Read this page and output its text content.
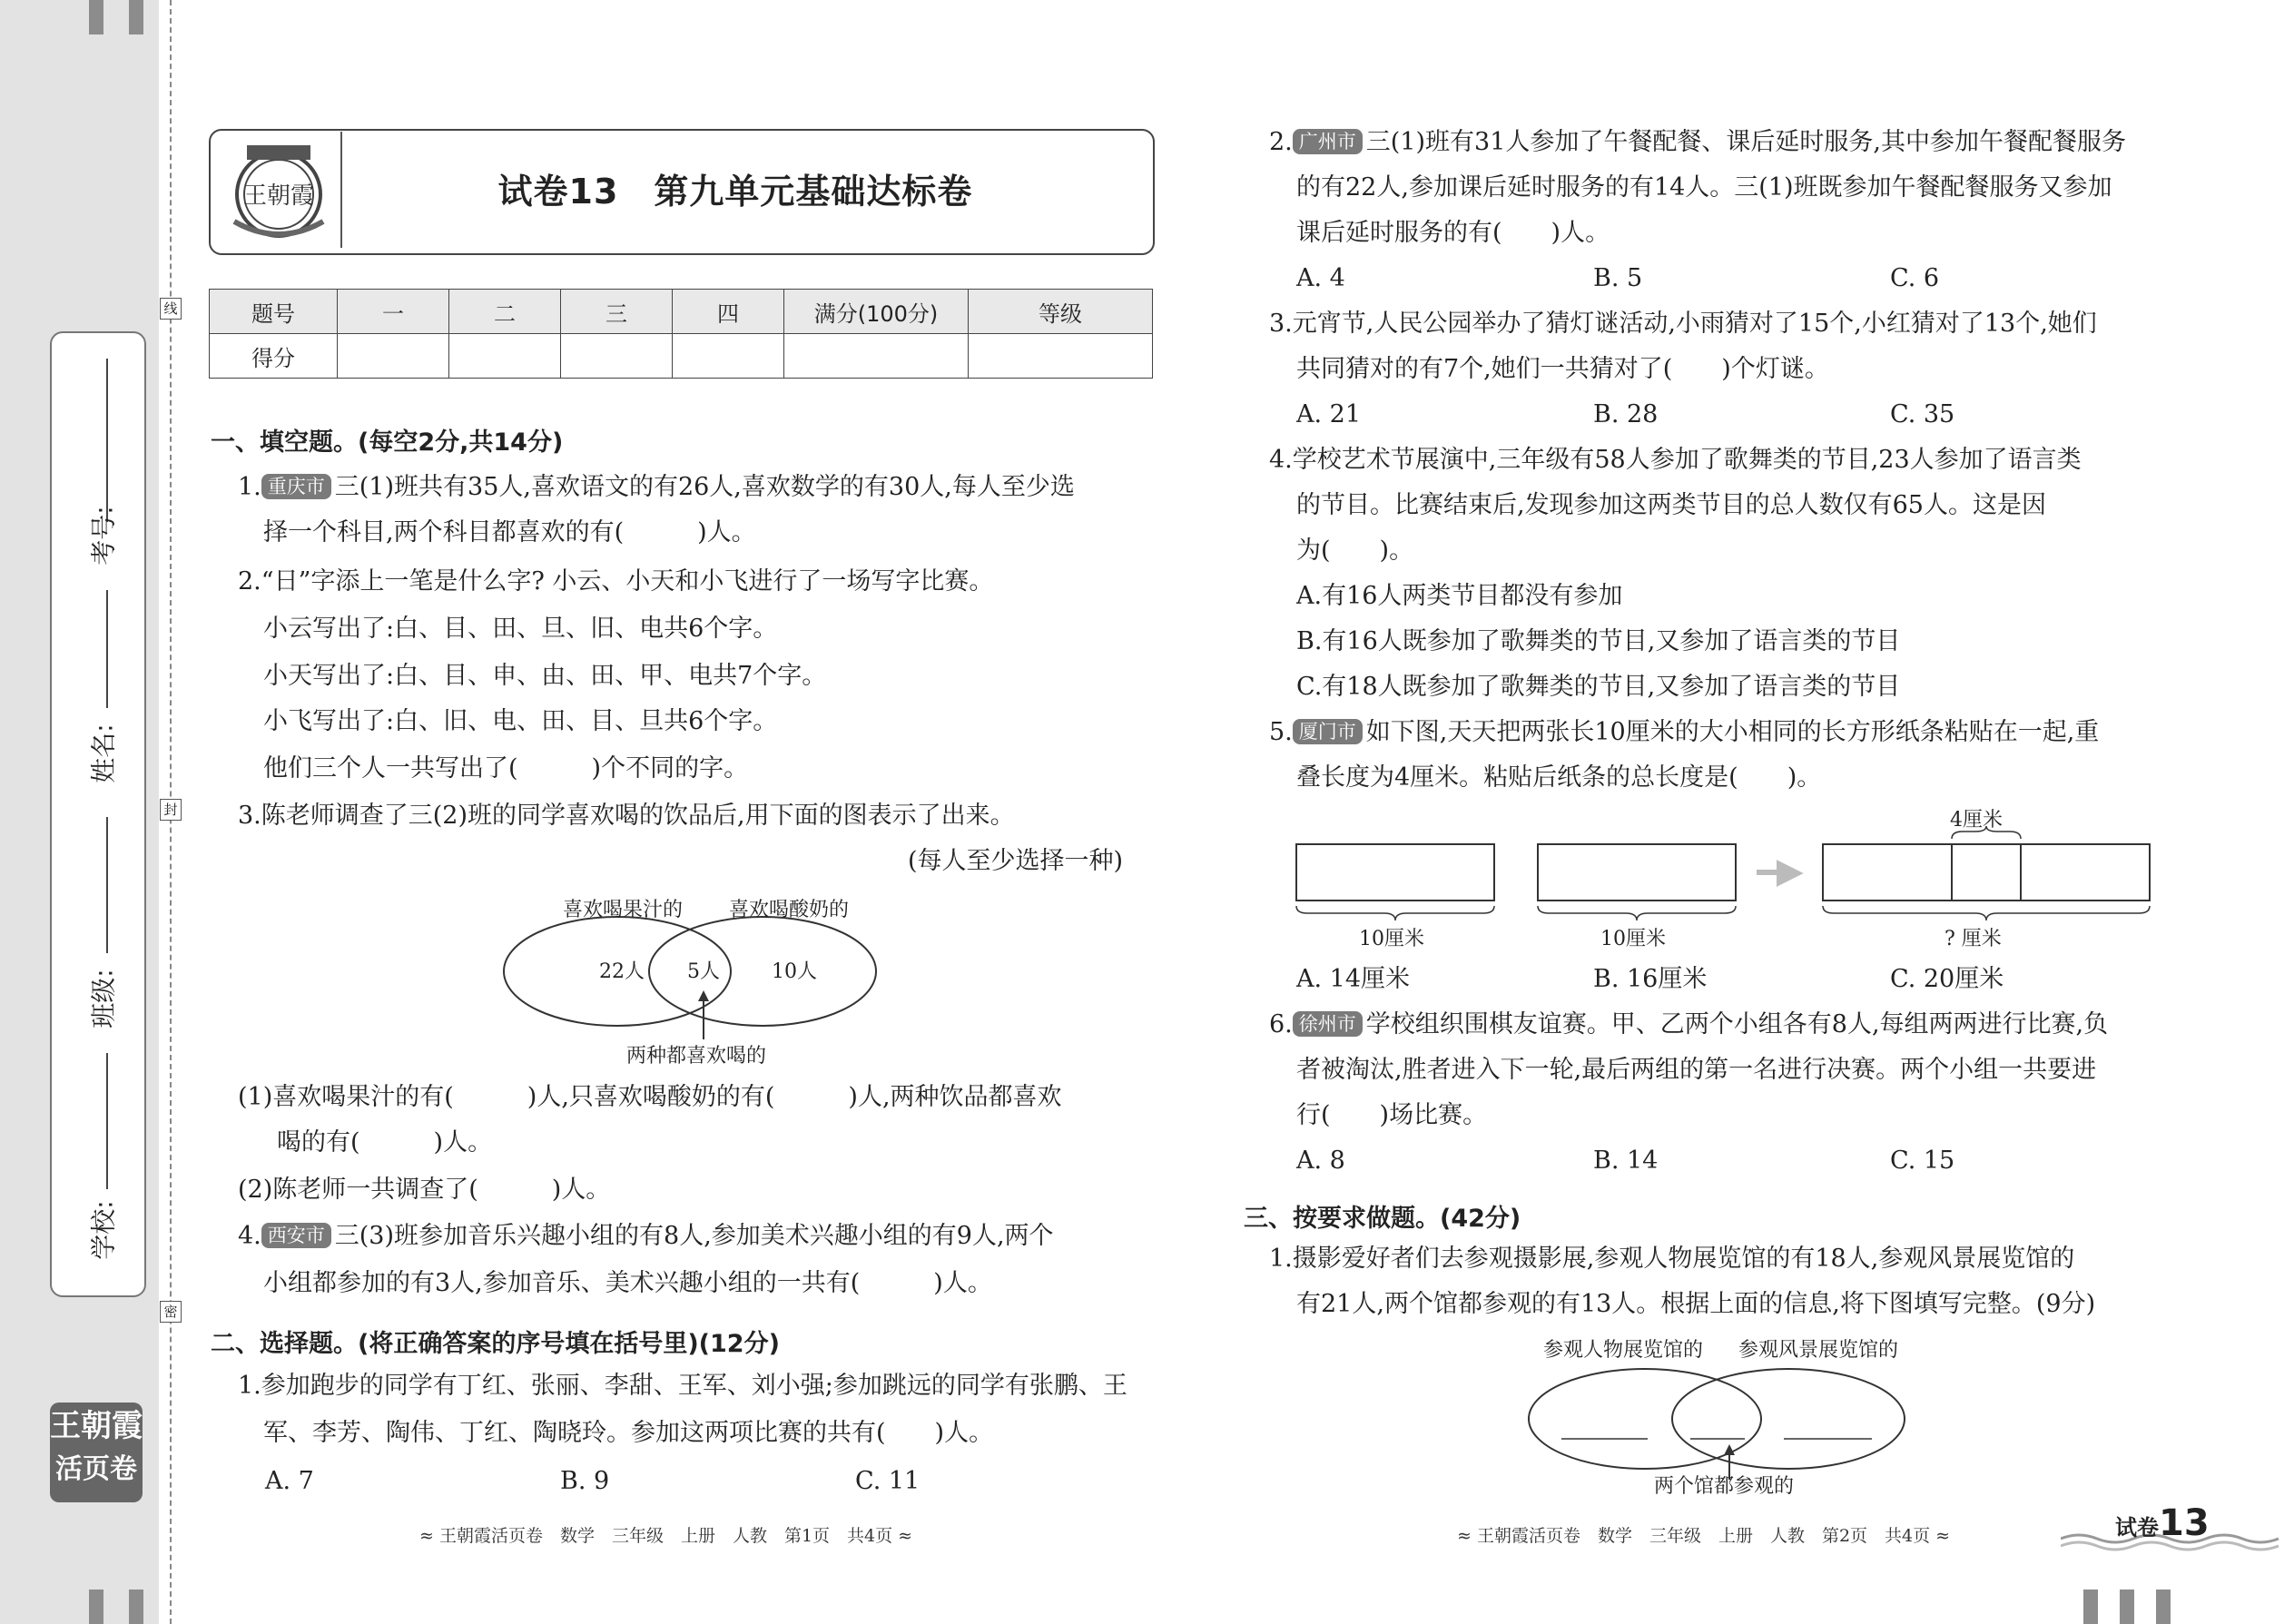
考号:
姓名:
班级:
学校:
线
封
密
王朝霞
活页卷
王朝霞	试卷13　第九单元基础达标卷
题号	一	二	三	四	满分(100分)	等级
得分						
一、填空题。(每空2分,共14分)
1. 重庆市 三(1)班共有35人,喜欢语文的有26人,喜欢数学的有30人,每人至少选
择一个科目,两个科目都喜欢的有(　　　)人。
2.“日”字添上一笔是什么字? 小云、小天和小飞进行了一场写字比赛。
小云写出了:白、目、田、旦、旧、电共6个字。
小天写出了:白、目、申、由、田、甲、电共7个字。
小飞写出了:白、旧、电、田、目、旦共6个字。
他们三个人一共写出了(　　　)个不同的字。
3.陈老师调查了三(2)班的同学喜欢喝的饮品后,用下面的图表示了出来。
(每人至少选择一种)
喜欢喝果汁的 喜欢喝酸奶的
22人 5人	10人
两种都喜欢喝的
(1)喜欢喝果汁的有(　　　)人,只喜欢喝酸奶的有(　　　)人,两种饮品都喜欢
喝的有(　　　)人。
(2)陈老师一共调查了(　　　)人。
4. 西安市 三(3)班参加音乐兴趣小组的有8人,参加美术兴趣小组的有9人,两个
小组都参加的有3人,参加音乐、美术兴趣小组的一共有(　　　)人。
二、选择题。(将正确答案的序号填在括号里)(12分)
1.参加跑步的同学有丁红、张丽、李甜、王军、刘小强;参加跳远的同学有张鹏、王
军、李芳、陶伟、丁红、陶晓玲。参加这两项比赛的共有(　　)人。
A. 7	B. 9	C. 11
≈ 王朝霞活页卷　数学　三年级　上册　人教　第1页　共4页 ≈
2. 广州市 三(1)班有31人参加了午餐配餐、课后延时服务,其中参加午餐配餐服务
的有22人,参加课后延时服务的有14人。三(1)班既参加午餐配餐服务又参加
课后延时服务的有(　　)人。
A. 4	B. 5	C. 6
3.元宵节,人民公园举办了猜灯谜活动,小雨猜对了15个,小红猜对了13个,她们
共同猜对的有7个,她们一共猜对了(　　)个灯谜。
A. 21	B. 28	C. 35
4.学校艺术节展演中,三年级有58人参加了歌舞类的节目,23人参加了语言类
的节目。比赛结束后,发现参加这两类节目的总人数仅有65人。这是因
为(　　)。
A.有16人两类节目都没有参加
B.有16人既参加了歌舞类的节目,又参加了语言类的节目
C.有18人既参加了歌舞类的节目,又参加了语言类的节目
5. 厦门市 如下图,天天把两张长10厘米的大小相同的长方形纸条粘贴在一起,重
叠长度为4厘米。粘贴后纸条的总长度是(　　)。
4厘米
10厘米	10厘米	? 厘米
A. 14厘米	B. 16厘米	C. 20厘米
6. 徐州市 学校组织围棋友谊赛。甲、乙两个小组各有8人,每组两两进行比赛,负
者被淘汰,胜者进入下一轮,最后两组的第一名进行决赛。两个小组一共要进
行(　　)场比赛。
A. 8	B. 14	C. 15
三、按要求做题。(42分)
1.摄影爱好者们去参观摄影展,参观人物展览馆的有18人,参观风景展览馆的
有21人,两个馆都参观的有13人。根据上面的信息,将下图填写完整。(9分)
参观人物展览馆的 参观风景展览馆的
两个馆都参观的
≈ 王朝霞活页卷　数学　三年级　上册　人教　第2页　共4页 ≈	试卷13
